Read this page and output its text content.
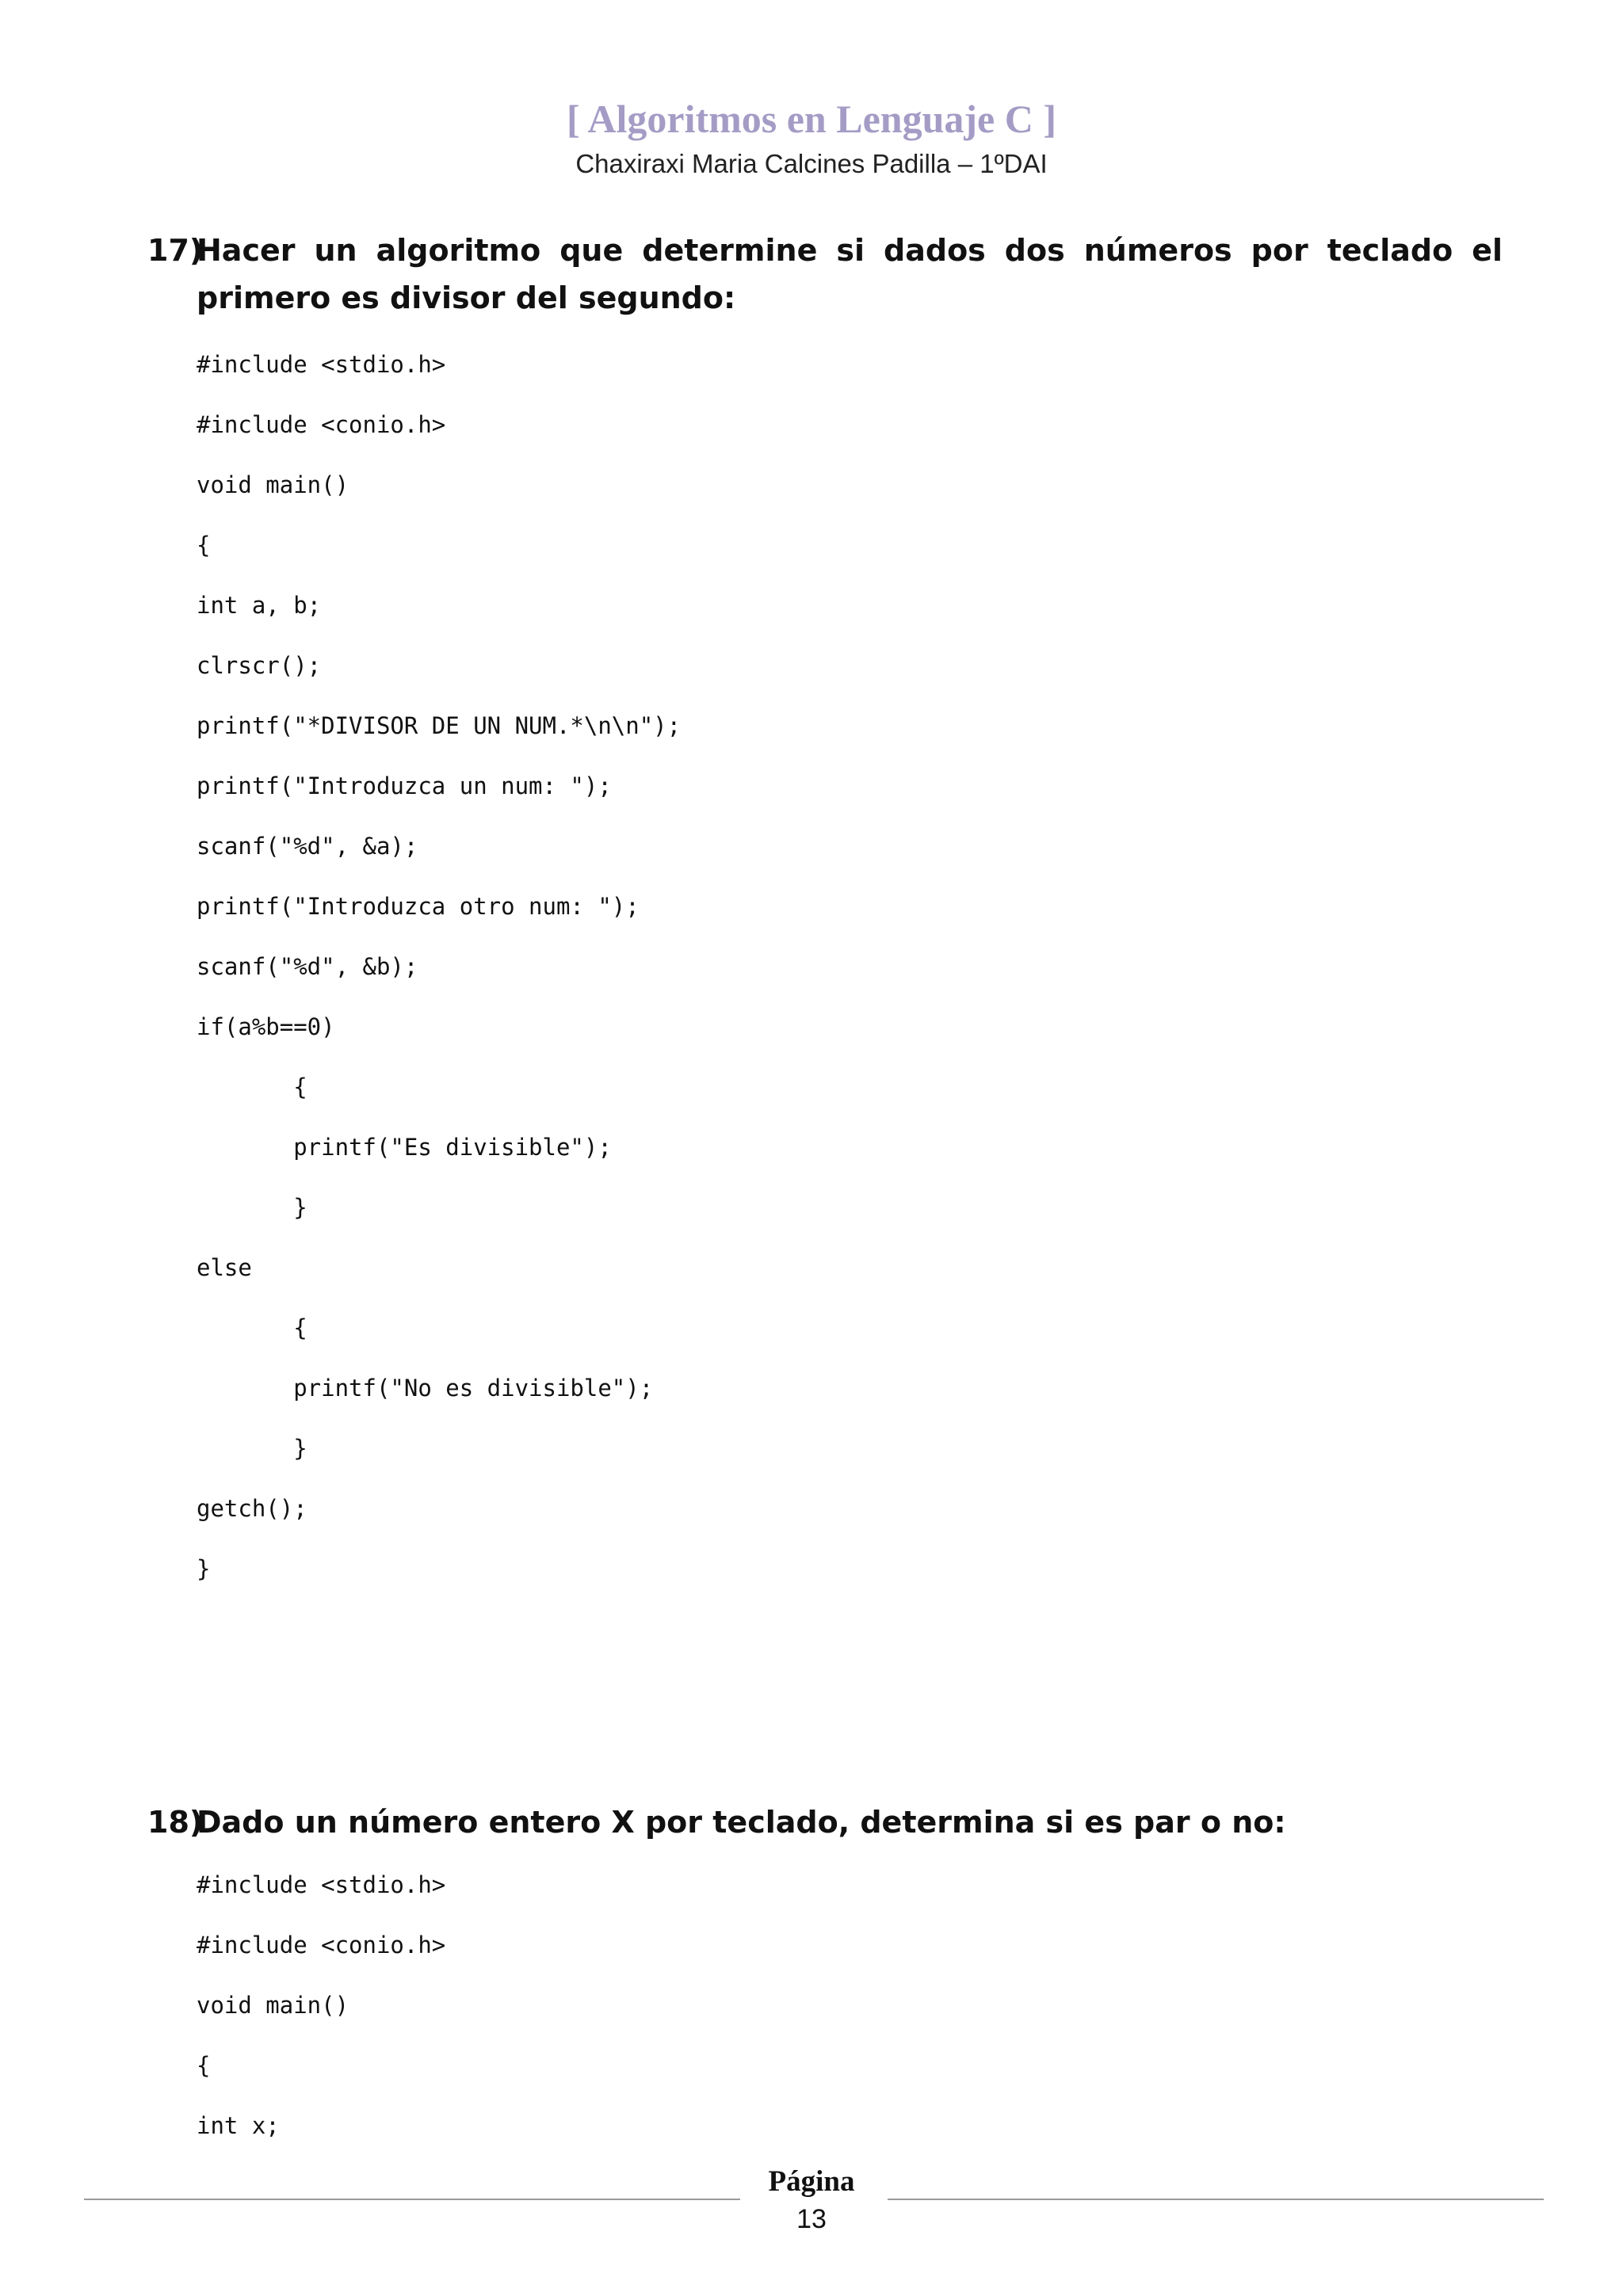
[ Algoritmos en Lenguaje C ]
Chaxiraxi Maria Calcines Padilla – 1ºDAI
17)
Hacer un algoritmo que determine si dados dos números por teclado el primero es divisor del segundo:
#include <stdio.h>
#include <conio.h>
void main()
{
int a, b;
clrscr();
printf("*DIVISOR DE UN NUM.*\n\n");
printf("Introduzca un num: ");
scanf("%d", &a);
printf("Introduzca otro num: ");
scanf("%d", &b);
if(a%b==0)
{
printf("Es divisible");
}
else
{
printf("No es divisible");
}
getch();
}
18)
Dado un número entero X por teclado, determina si es par o no:
#include <stdio.h>
#include <conio.h>
void main()
{
int x;
Página
13
